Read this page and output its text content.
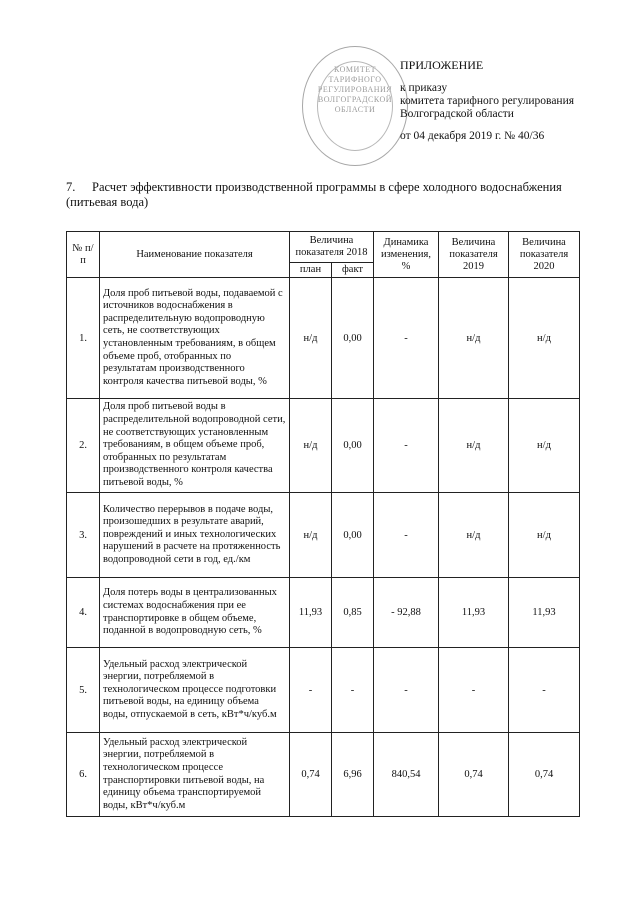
КОМИТЕТ
ТАРИФНОГО
РЕГУЛИРОВАНИЯ
ВОЛГОГРАДСКОЙ
ОБЛАСТИ
ПРИЛОЖЕНИЕ
к приказу
комитета тарифного регулирования
Волгоградской области
от 04 декабря 2019 г. № 40/36
7. Расчет эффективности производственной программы в сфере холодного водоснабжения (питьевая вода)
№ п/п	Наименование показателя	Величина показателя 2018		Динамика изменения, %	Величина показателя 2019	Величина показателя 2020
		план	факт			
1.	Доля проб питьевой воды, подаваемой с источников водоснабжения в распределительную водопроводную сеть, не соответствующих установленным требованиям, в общем объеме проб, отобранных по результатам производственного контроля качества питьевой воды, %	н/д	0,00	-	н/д	н/д
2.	Доля проб питьевой воды в распределительной водопроводной сети, не соответствующих установленным требованиям, в общем объеме проб, отобранных по результатам производственного контроля качества питьевой воды, %	н/д	0,00	-	н/д	н/д
3.	Количество перерывов в подаче воды, произошедших в результате аварий, повреждений и иных технологических нарушений в расчете на протяженность водопроводной сети в год, ед./км	н/д	0,00	-	н/д	н/д
4.	Доля потерь воды в централизованных системах водоснабжения при ее транспортировке в общем объеме, поданной в водопроводную сеть, %	11,93	0,85	- 92,88	11,93	11,93
5.	Удельный расход электрической энергии, потребляемой в технологическом процессе подготовки питьевой воды, на единицу объема воды, отпускаемой в сеть, кВт*ч/куб.м	-	-	-	-	-
6.	Удельный расход электрической энергии, потребляемой в технологическом процессе транспортировки питьевой воды, на единицу объема транспортируемой воды, кВт*ч/куб.м	0,74	6,96	840,54	0,74	0,74
